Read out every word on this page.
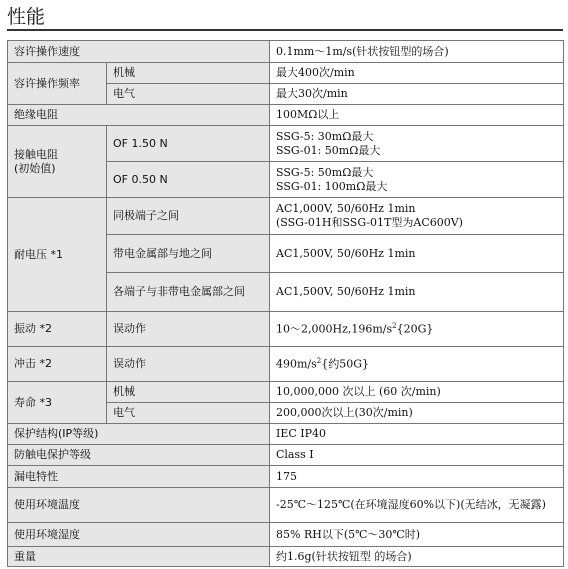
性能
容许操作速度		0.1mm～1m/s(针状按钮型的场合)
容许操作频率	机械	最大400次/min
	电气	最大30次/min
绝缘电阻		100MΩ以上

接触电阻
(初始值)	OF 1.50 N	SSG-5: 30mΩ最大
SSG-01: 50mΩ最大

	OF 0.50 N	SSG-5: 50mΩ最大
SSG-01: 100mΩ最大

耐电压 *1	同极端子之间	AC1,000V, 50/60Hz 1min
(SSG-01H和SSG-01T型为AC600V)

	带电金属部与地之间	AC1,500V, 50/60Hz 1min
	各端子与非带电金属部之间	AC1,500V, 50/60Hz 1min
振动 *2	误动作	$10\sim 2,000Hz,196m/s^2\{20G\}$
冲击 *2	误动作	$490m/s^2${约50G}
寿命 *3	机械	10,000,000 次以上 (60 次/min)
	电气	200,000次以上(30次/min)
保护结构(IP等级)		IEC IP40
防触电保护等级		Class I
漏电特性		175
使用环境温度		-25℃～125℃(在环境湿度60%以下)(无结冰，无凝露)
使用环境湿度		85% RH以下(5℃～30℃时)
重量		约1.6g(针状按钮型 的场合)
